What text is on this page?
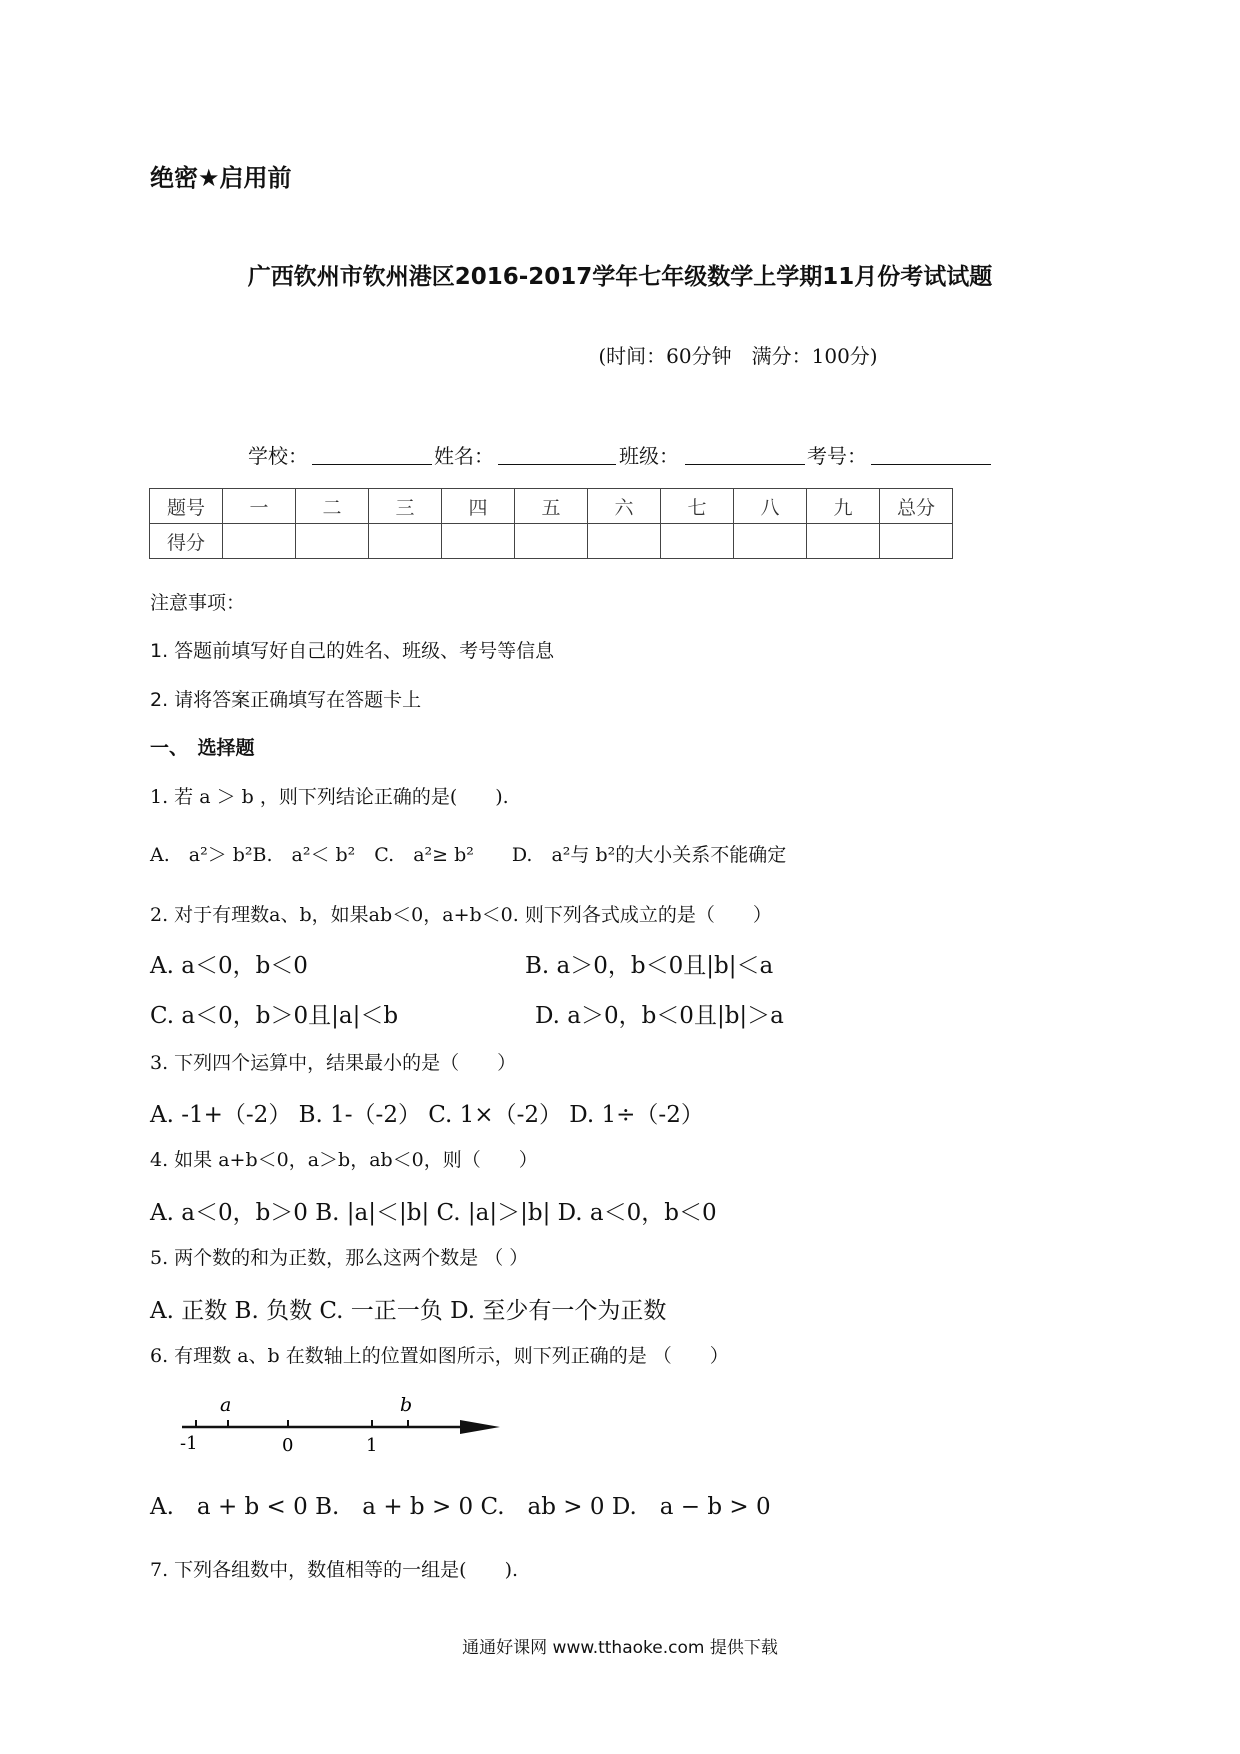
绝密★启用前
广西钦州市钦州港区2016-2017学年七年级数学上学期11月份考试试题
(时间：60分钟　满分：100分)
学校：	姓名：	班级：	考号：
题号	一	二	三	四	五	六	七	八	九	总分
得分										
注意事项：
1. 答题前填写好自己的姓名、班级、考号等信息
2. 请将答案正确填写在答题卡上
一、　选择题
1. 若 a ＞ b ，则下列结论正确的是(　　).
A.　a²＞ b²B.　a²＜ b²　C.　a²≥ b²　　D.　a²与 b²的大小关系不能确定
2. 对于有理数a、b，如果ab＜0，a+b＜0. 则下列各式成立的是（　　）
A. a＜0，b＜0	B. a＞0，b＜0且|b|＜a
C. a＜0，b＞0且|a|＜b	D. a＞0，b＜0且|b|＞a
3. 下列四个运算中，结果最小的是（　　）
A. -1+（-2） B. 1-（-2） C. 1×（-2） D. 1÷（-2）
4. 如果 a+b＜0，a＞b，ab＜0，则（　　）
A. a＜0，b＞0 B. |a|＜|b| C. |a|＞|b| D. a＜0，b＜0
5. 两个数的和为正数，那么这两个数是 （ ）
A. 正数 B. 负数 C. 一正一负 D. 至少有一个为正数
6. 有理数 a、b 在数轴上的位置如图所示，则下列正确的是 （　　）
a	b
-1	0	1
A.　a + b < 0 B.　a + b > 0 C.　ab > 0 D.　a − b > 0
7. 下列各组数中，数值相等的一组是(　　).
通通好课网 www.tthaoke.com 提供下载
